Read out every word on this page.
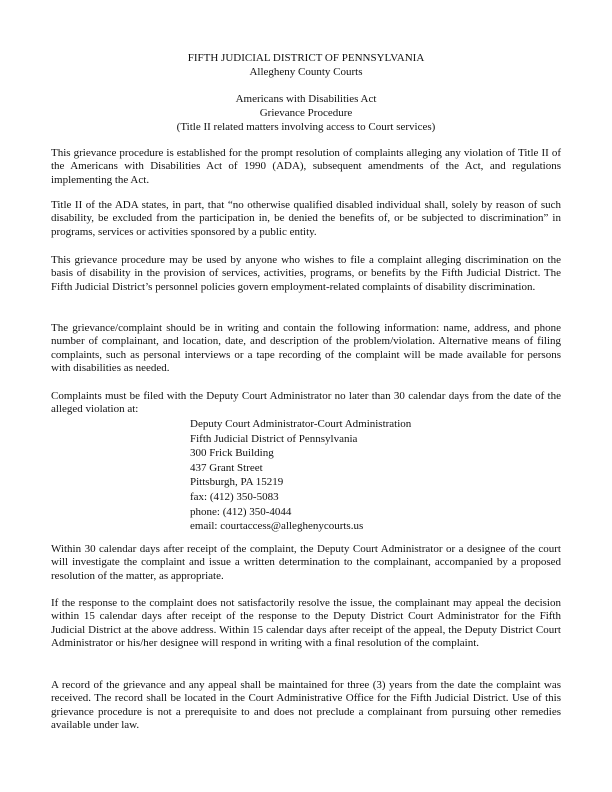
FIFTH JUDICIAL DISTRICT OF PENNSYLVANIA
Allegheny County Courts
Americans with Disabilities Act
Grievance Procedure
(Title II related matters involving access to Court services)

This grievance procedure is established for the prompt resolution of complaints alleging any violation of Title II of the Americans with Disabilities Act of 1990 (ADA), subsequent amendments of the Act, and regulations implementing the Act.

Title II of the ADA states, in part, that “no otherwise qualified disabled individual shall, solely by reason of such disability, be excluded from the participation in, be denied the benefits of, or be subjected to discrimination” in programs, services or activities sponsored by a public entity.

This grievance procedure may be used by anyone who wishes to file a complaint alleging discrimination on the basis of disability in the provision of services, activities, programs, or benefits by the Fifth Judicial District. The Fifth Judicial District’s personnel policies govern employment-related complaints of disability discrimination.

The grievance/complaint should be in writing and contain the following information: name, address, and phone number of complainant, and location, date, and description of the problem/violation. Alternative means of filing complaints, such as personal interviews or a tape recording of the complaint will be made available for persons with disabilities as needed.

Complaints must be filed with the Deputy Court Administrator no later than 30 calendar days from the date of the alleged violation at:

Deputy Court Administrator-Court Administration
Fifth Judicial District of Pennsylvania
300 Frick Building
437 Grant Street
Pittsburgh, PA 15219
fax: (412) 350-5083
phone: (412) 350-4044
email: courtaccess@alleghenycourts.us

Within 30 calendar days after receipt of the complaint, the Deputy Court Administrator or a designee of the court will investigate the complaint and issue a written determination to the complainant, accompanied by a proposed resolution of the matter, as appropriate.

If the response to the complaint does not satisfactorily resolve the issue, the complainant may appeal the decision within 15 calendar days after receipt of the response to the Deputy District Court Administrator for the Fifth Judicial District at the above address. Within 15 calendar days after receipt of the appeal, the Deputy District Court Administrator or his/her designee will respond in writing with a final resolution of the complaint.

A record of the grievance and any appeal shall be maintained for three (3) years from the date the complaint was received. The record shall be located in the Court Administrative Office for the Fifth Judicial District. Use of this grievance procedure is not a prerequisite to and does not preclude a complainant from pursuing other remedies available under law.
